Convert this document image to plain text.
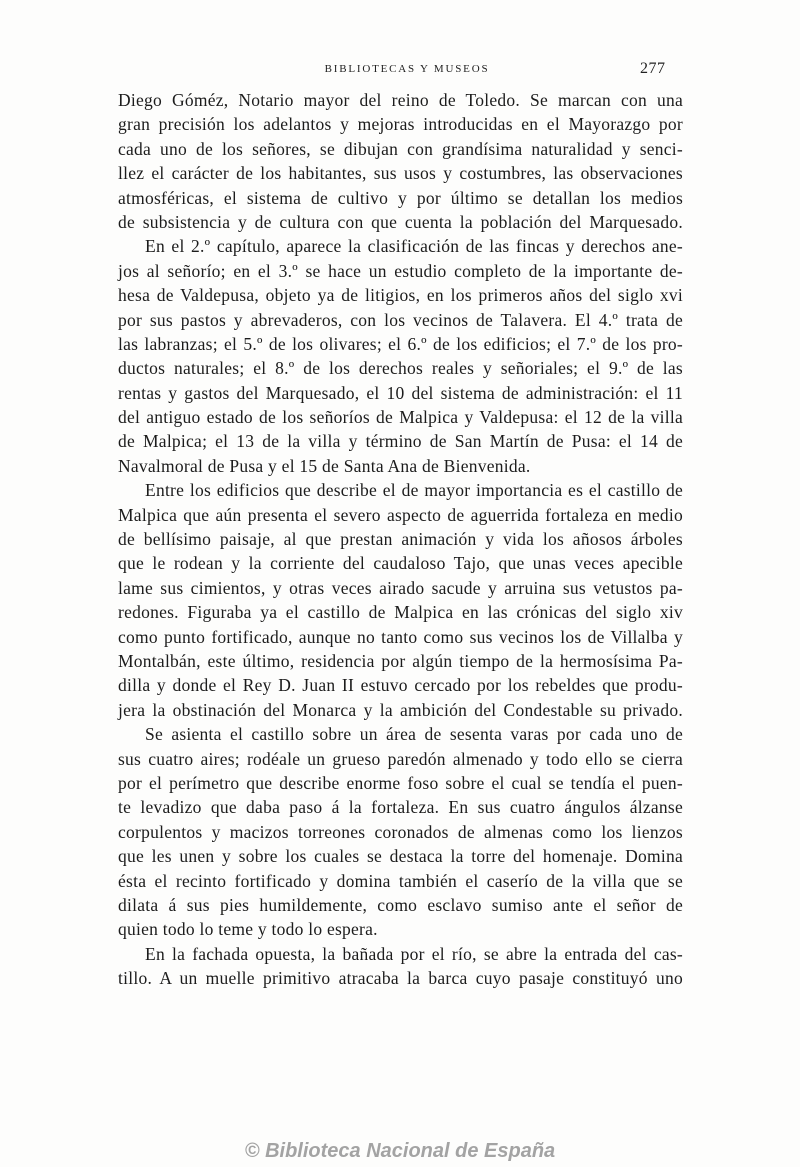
BIBLIOTECAS Y MUSEOS	277
Diego Góméz, Notario mayor del reino de Toledo. Se marcan con una
gran precisión los adelantos y mejoras introducidas en el Mayorazgo por
cada uno de los señores, se dibujan con grandísima naturalidad y senci-
llez el carácter de los habitantes, sus usos y costumbres, las observaciones
atmosféricas, el sistema de cultivo y por último se detallan los medios
de subsistencia y de cultura con que cuenta la población del Marquesado.
En el 2.º capítulo, aparece la clasificación de las fincas y derechos ane-
jos al señorío; en el 3.º se hace un estudio completo de la importante de-
hesa de Valdepusa, objeto ya de litigios, en los primeros años del siglo xvi
por sus pastos y abrevaderos, con los vecinos de Talavera. El 4.º trata de
las labranzas; el 5.º de los olivares; el 6.º de los edificios; el 7.º de los pro-
ductos naturales; el 8.º de los derechos reales y señoriales; el 9.º de las
rentas y gastos del Marquesado, el 10 del sistema de administración: el 11
del antiguo estado de los señoríos de Malpica y Valdepusa: el 12 de la villa
de Malpica; el 13 de la villa y término de San Martín de Pusa: el 14 de
Navalmoral de Pusa y el 15 de Santa Ana de Bienvenida.
Entre los edificios que describe el de mayor importancia es el castillo de
Malpica que aún presenta el severo aspecto de aguerrida fortaleza en medio
de bellísimo paisaje, al que prestan animación y vida los añosos árboles
que le rodean y la corriente del caudaloso Tajo, que unas veces apecible
lame sus cimientos, y otras veces airado sacude y arruina sus vetustos pa-
redones. Figuraba ya el castillo de Malpica en las crónicas del siglo xiv
como punto fortificado, aunque no tanto como sus vecinos los de Villalba y
Montalbán, este último, residencia por algún tiempo de la hermosísima Pa-
dilla y donde el Rey D. Juan II estuvo cercado por los rebeldes que produ-
jera la obstinación del Monarca y la ambición del Condestable su privado.
Se asienta el castillo sobre un área de sesenta varas por cada uno de
sus cuatro aires; rodéale un grueso paredón almenado y todo ello se cierra
por el perímetro que describe enorme foso sobre el cual se tendía el puen-
te levadizo que daba paso á la fortaleza. En sus cuatro ángulos álzanse
corpulentos y macizos torreones coronados de almenas como los lienzos
que les unen y sobre los cuales se destaca la torre del homenaje. Domina
ésta el recinto fortificado y domina también el caserío de la villa que se
dilata á sus pies humildemente, como esclavo sumiso ante el señor de
quien todo lo teme y todo lo espera.
En la fachada opuesta, la bañada por el río, se abre la entrada del cas-
tillo. A un muelle primitivo atracaba la barca cuyo pasaje constituyó uno
© Biblioteca Nacional de España
